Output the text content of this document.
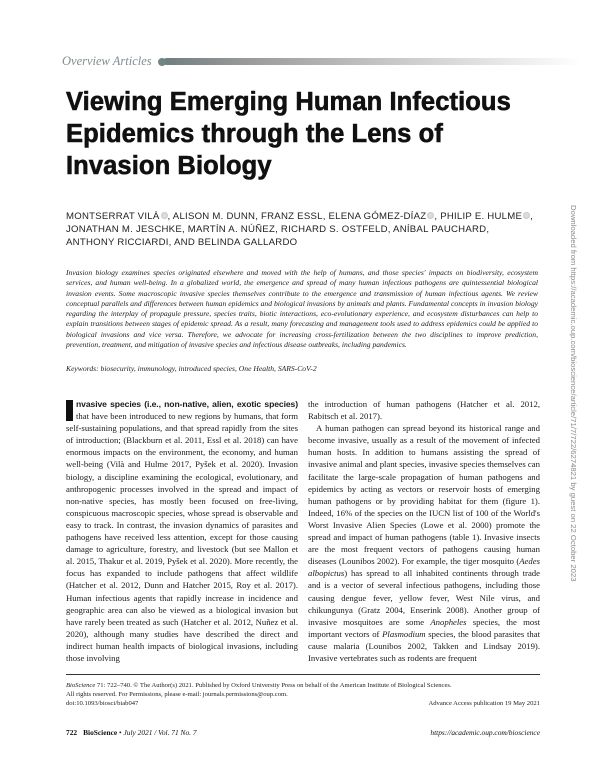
Overview Articles
Viewing Emerging Human Infectious
Epidemics through the Lens of
Invasion Biology
MONTSERRAT VILÀ , ALISON M. DUNN, FRANZ ESSL, ELENA GÓMEZ-DÍAZ , PHILIP E. HULME ,
JONATHAN M. JESCHKE, MARTÍN A. NÚÑEZ, RICHARD S. OSTFELD, ANÍBAL PAUCHARD,
ANTHONY RICCIARDI, AND BELINDA GALLARDO
Invasion biology examines species originated elsewhere and moved with the help of humans, and those species' impacts on biodiversity, ecosystem services, and human well-being. In a globalized world, the emergence and spread of many human infectious pathogens are quintessential biological invasion events. Some macroscopic invasive species themselves contribute to the emergence and transmission of human infectious agents. We review conceptual parallels and differences between human epidemics and biological invasions by animals and plants. Fundamental concepts in invasion biology regarding the interplay of propagule pressure, species traits, biotic interactions, eco-evolutionary experience, and ecosystem disturbances can help to explain transitions between stages of epidemic spread. As a result, many forecasting and management tools used to address epidemics could be applied to biological invasions and vice versa. Therefore, we advocate for increasing cross-fertilization between the two disciplines to improve prediction, prevention, treatment, and mitigation of invasive species and infectious disease outbreaks, including pandemics.
Keywords: biosecurity, immunology, introduced species, One Health, SARS-CoV-2

nvasive species (i.e., non-native, alien, exotic species) that have been introduced to new regions by humans, that form self-sustaining populations, and that spread rapidly from the sites of introduction; (Blackburn et al. 2011, Essl et al. 2018) can have enormous impacts on the environment, the economy, and human well-being (Vilà and Hulme 2017, Pyšek et al. 2020). Invasion biology, a discipline examining the ecological, evolutionary, and anthropogenic processes involved in the spread and impact of non-native species, has mostly been focused on free-living, conspicuous macroscopic species, whose spread is observable and easy to track. In contrast, the invasion dynamics of parasites and pathogens have received less attention, except for those causing damage to agriculture, forestry, and livestock (but see Mallon et al. 2015, Thakur et al. 2019, Pyšek et al. 2020). More recently, the focus has expanded to include pathogens that affect wildlife (Hatcher et al. 2012, Dunn and Hatcher 2015, Roy et al. 2017). Human infectious agents that rapidly increase in incidence and geographic area can also be viewed as a biological invasion but have rarely been treated as such (Hatcher et al. 2012, Nuñez et al. 2020), although many studies have described the direct and indirect human health impacts of biological invasions, including those involving

the introduction of human pathogens (Hatcher et al. 2012, Rabitsch et al. 2017).

A human pathogen can spread beyond its historical range and become invasive, usually as a result of the movement of infected human hosts. In addition to humans assisting the spread of invasive animal and plant species, invasive species themselves can facilitate the large-scale propagation of human pathogens and epidemics by acting as vectors or reservoir hosts of emerging human pathogens or by providing habitat for them (figure 1). Indeed, 16% of the species on the IUCN list of 100 of the World's Worst Invasive Alien Species (Lowe et al. 2000) promote the spread and impact of human pathogens (table 1). Invasive insects are the most frequent vectors of pathogens causing human diseases (Lounibos 2002). For example, the tiger mosquito (Aedes albopictus) has spread to all inhabited continents through trade and is a vector of several infectious pathogens, including those causing dengue fever, yellow fever, West Nile virus, and chikungunya (Gratz 2004, Enserink 2008). Another group of invasive mosquitoes are some Anopheles species, the most important vectors of Plasmodium species, the blood parasites that cause malaria (Lounibos 2002, Takken and Lindsay 2019). Invasive vertebrates such as rodents are frequent

BioScience 71: 722–740. © The Author(s) 2021. Published by Oxford University Press on behalf of the American Institute of Biological Sciences.
All rights reserved. For Permissions, please e-mail: journals.permissions@oup.com.
doi:10.1093/biosci/biab047	Advance Access publication 19 May 2021
722 BioScience • July 2021 / Vol. 71 No. 7	https://academic.oup.com/bioscience
Downloaded from https://academic.oup.com/bioscience/article/71/7/722/6274821 by guest on 22 October 2023
